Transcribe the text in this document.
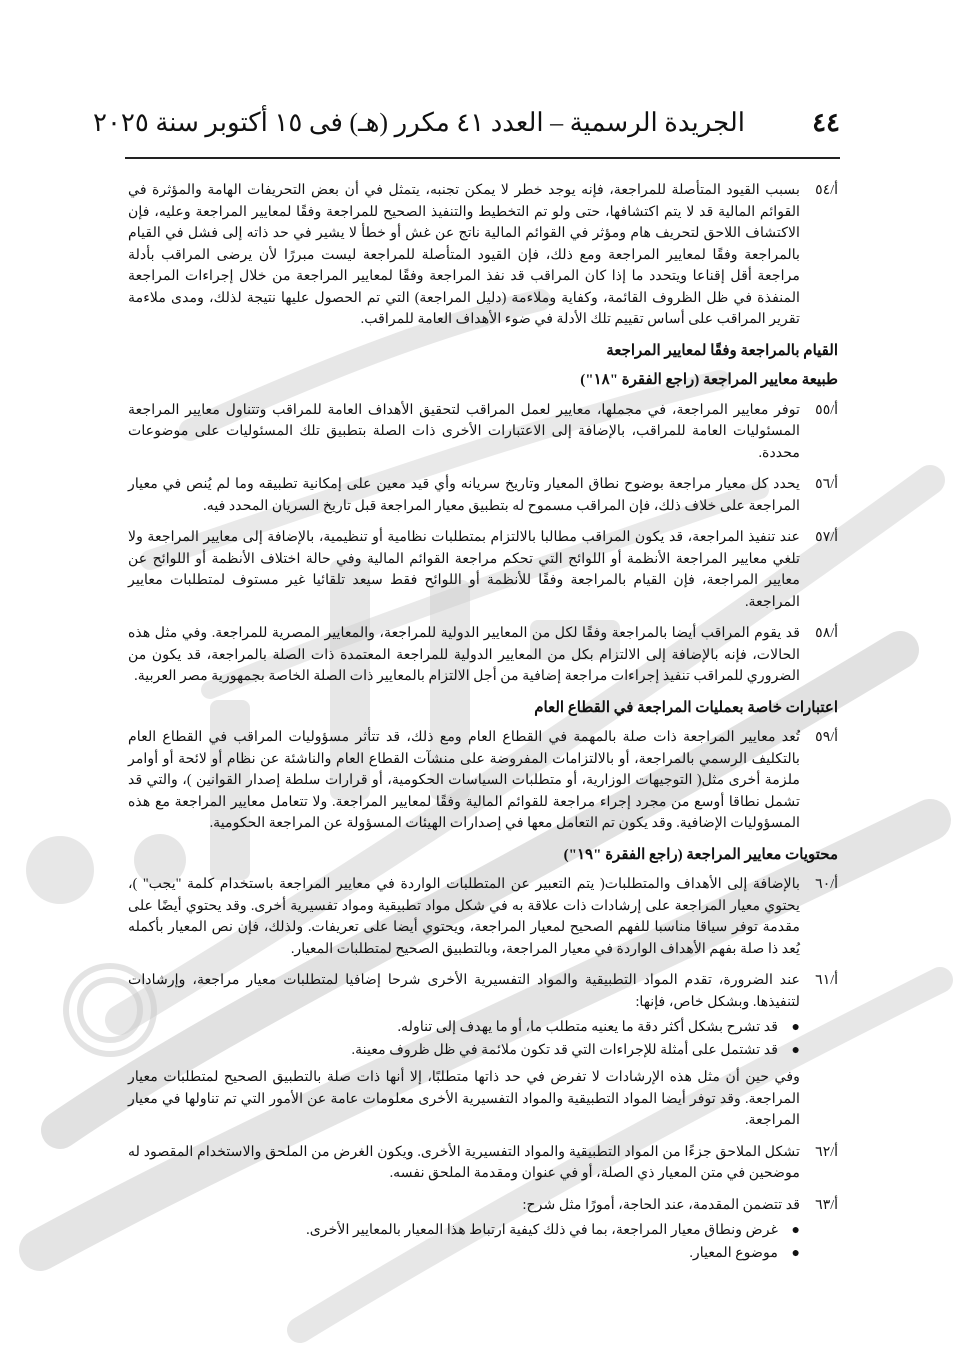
٤٤
الجريدة الرسمية – العدد ٤١ مكرر (هـ) فى ١٥ أكتوبر سنة ٢٠٢٥
أ/٥٤
بسبب القيود المتأصلة للمراجعة، فإنه يوجد خطر لا يمكن تجنبه، يتمثل في أن بعض التحريفات الهامة والمؤثرة في القوائم المالية قد لا يتم اكتشافها، حتى ولو تم التخطيط والتنفيذ الصحيح للمراجعة وفقًا لمعايير المراجعة وعليه، فإن الاكتشاف اللاحق لتحريف هام ومؤثر في القوائم المالية ناتج عن غش أو خطأ لا يشير في حد ذاته إلى فشل في القيام بالمراجعة وفقًا لمعايير المراجعة ومع ذلك، فإن القيود المتأصلة للمراجعة ليست مبررًا لأن يرضى المراقب بأدلة مراجعة أقل إقناعا ويتحدد ما إذا كان المراقب قد نفذ المراجعة وفقًا لمعايير المراجعة من خلال إجراءات المراجعة المنفذة في ظل الظروف القائمة، وكفاية وملاءمة (دليل المراجعة) التي تم الحصول عليها نتيجة لذلك، ومدى ملاءمة تقرير المراقب على أساس تقييم تلك الأدلة في ضوء الأهداف العامة للمراقب.
القيام بالمراجعة وفقًا لمعايير المراجعة
طبيعة معايير المراجعة (راجع الفقرة "١٨")
أ/٥٥
توفر معايير المراجعة، في مجملها، معايير لعمل المراقب لتحقيق الأهداف العامة للمراقب وتتناول معايير المراجعة المسئوليات العامة للمراقب، بالإضافة إلى الاعتبارات الأخرى ذات الصلة بتطبيق تلك المسئوليات على موضوعات محددة.
أ/٥٦
يحدد كل معيار مراجعة بوضوح نطاق المعيار وتاريخ سريانه وأي قيد معين على إمكانية تطبيقه وما لم يُنص في معيار المراجعة على خلاف ذلك، فإن المراقب مسموح له بتطبيق معيار المراجعة قبل تاريخ السريان المحدد فيه.
أ/٥٧
عند تنفيذ المراجعة، قد يكون المراقب مطالبا بالالتزام بمتطلبات نظامية أو تنظيمية، بالإضافة إلى معايير المراجعة ولا تلغي معايير المراجعة الأنظمة أو اللوائح التي تحكم مراجعة القوائم المالية وفي حالة اختلاف الأنظمة أو اللوائح عن معايير المراجعة، فإن القيام بالمراجعة وفقًا للأنظمة أو اللوائح فقط سيعد تلقائيا غير مستوف لمتطلبات معايير المراجعة.
أ/٥٨
قد يقوم المراقب أيضا بالمراجعة وفقًا لكل من المعايير الدولية للمراجعة، والمعايير المصرية للمراجعة. وفي مثل هذه الحالات، فإنه بالإضافة إلى الالتزام بكل من المعايير الدولية للمراجعة المعتمدة ذات الصلة بالمراجعة، قد يكون من الضروري للمراقب تنفيذ إجراءات مراجعة إضافية من أجل الالتزام بالمعايير ذات الصلة الخاصة بجمهورية مصر العربية.
اعتبارات خاصة بعمليات المراجعة في القطاع العام
أ/٥٩
تُعد معايير المراجعة ذات صلة بالمهمة في القطاع العام ومع ذلك، قد تتأثر مسؤوليات المراقب في القطاع العام بالتكليف الرسمي بالمراجعة، أو بالالتزامات المفروضة على منشآت القطاع العام والناشئة عن نظام أو لائحة أو أوامر ملزمة أخرى مثل( التوجيهات الوزارية، أو متطلبات السياسات الحكومية، أو قرارات سلطة إصدار القوانين )، والتي قد تشمل نطاقا أوسع من مجرد إجراء مراجعة للقوائم المالية وفقًا لمعايير المراجعة. ولا تتعامل معايير المراجعة مع هذه المسؤوليات الإضافية. وقد يكون تم التعامل معها في إصدارات الهيئات المسؤولة عن المراجعة الحكومية.
محتويات معايير المراجعة (راجع الفقرة "١٩")
أ/٦٠
بالإضافة إلى الأهداف والمتطلبات( يتم التعبير عن المتطلبات الواردة في معايير المراجعة باستخدام كلمة "يجب" )، يحتوي معيار المراجعة على إرشادات ذات علاقة به في شكل مواد تطبيقية ومواد تفسيرية أخرى. وقد يحتوي أيضًا على مقدمة توفر سياقا مناسبا للفهم الصحيح لمعيار المراجعة، ويحتوي أيضا على تعريفات. ولذلك، فإن نص المعيار بأكمله يُعد ذا صلة بفهم الأهداف الواردة في معيار المراجعة، وبالتطبيق الصحيح لمتطلبات المعيار.
أ/٦١
عند الضرورة، تقدم المواد التطبيقية والمواد التفسيرية الأخرى شرحا إضافيا لمتطلبات معيار مراجعة، وإرشادات لتنفيذها. وبشكل خاص، فإنها:
●
قد تشرح بشكل أكثر دقة ما يعنيه متطلب ما، أو ما يهدف إلى تناوله.
●
قد تشتمل على أمثلة للإجراءات التي قد تكون ملائمة في ظل ظروف معينة.
وفي حين أن مثل هذه الإرشادات لا تفرض في حد ذاتها متطلبًا، إلا أنها ذات صلة بالتطبيق الصحيح لمتطلبات معيار المراجعة. وقد توفر أيضا المواد التطبيقية والمواد التفسيرية الأخرى معلومات عامة عن الأمور التي تم تناولها في معيار المراجعة.
أ/٦٢
تشكل الملاحق جزءًا من المواد التطبيقية والمواد التفسيرية الأخرى. ويكون الغرض من الملحق والاستخدام المقصود له موضحين في متن المعيار ذي الصلة، أو في عنوان ومقدمة الملحق نفسه.
أ/٦٣
قد تتضمن المقدمة، عند الحاجة، أمورًا مثل شرح:
●
غرض ونطاق معيار المراجعة، بما في ذلك كيفية ارتباط هذا المعيار بالمعايير الأخرى.
●
موضوع المعيار.
